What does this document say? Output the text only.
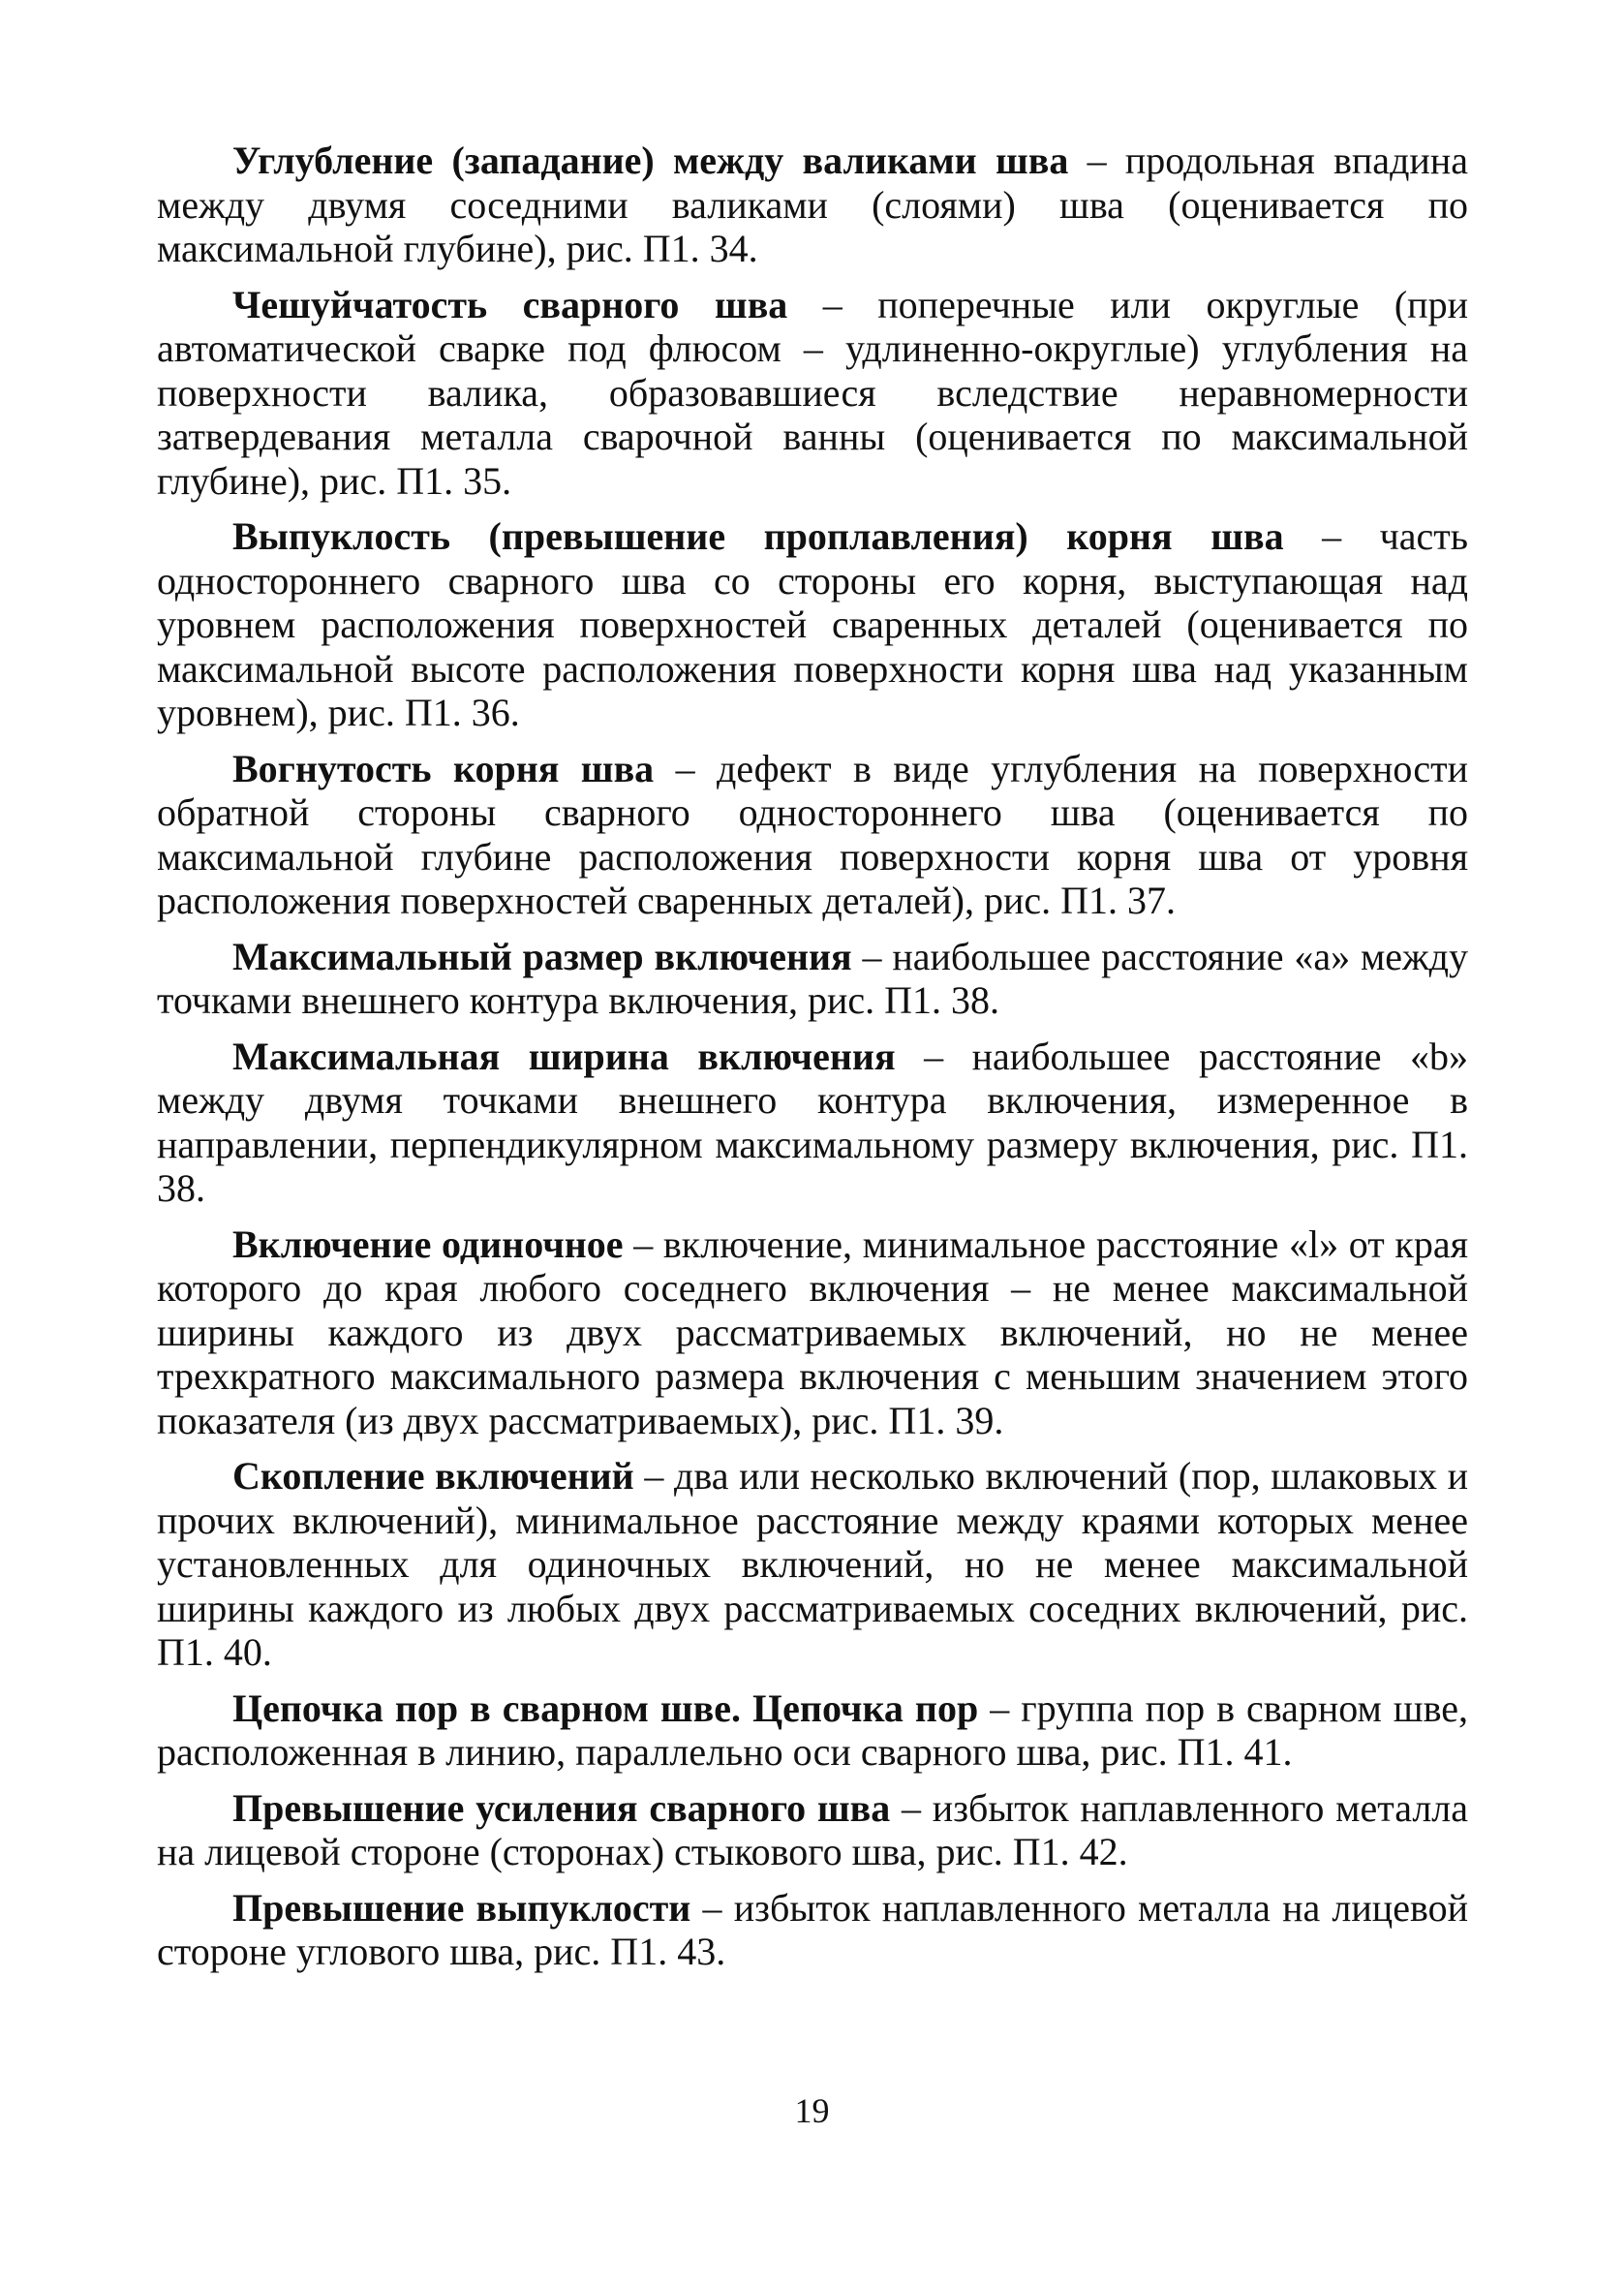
Углубление (западание) между валиками шва – продольная впадина между двумя соседними валиками (слоями) шва (оценивается по максимальной глубине), рис. П1. 34.

Чешуйчатость сварного шва – поперечные или округлые (при автоматической сварке под флюсом – удлиненно-округлые) углубления на поверхности валика, образовавшиеся вследствие неравномерности затвердевания металла сварочной ванны (оценивается по максимальной глубине), рис. П1. 35.

Выпуклость (превышение проплавления) корня шва – часть одностороннего сварного шва со стороны его корня, выступающая над уровнем расположения поверхностей сваренных деталей (оценивается по максимальной высоте расположения поверхности корня шва над указанным уровнем), рис. П1. 36.

Вогнутость корня шва – дефект в виде углубления на поверхности обратной стороны сварного одностороннего шва (оценивается по максимальной глубине расположения поверхности корня шва от уровня расположения поверхностей сваренных деталей), рис. П1. 37.

Максимальный размер включения – наибольшее расстояние «а» между точками внешнего контура включения, рис. П1. 38.

Максимальная ширина включения – наибольшее расстояние «b» между двумя точками внешнего контура включения, измеренное в направлении, перпендикулярном максимальному размеру включения, рис. П1. 38.

Включение одиночное – включение, минимальное расстояние «l» от края которого до края любого соседнего включения – не менее максимальной ширины каждого из двух рассматриваемых включений, но не менее трехкратного максимального размера включения с меньшим значением этого показателя (из двух рассматриваемых), рис. П1. 39.

Скопление включений – два или несколько включений (пор, шлаковых и прочих включений), минимальное расстояние между краями которых менее установленных для одиночных включений, но не менее максимальной ширины каждого из любых двух рассматриваемых соседних включений, рис. П1. 40.

Цепочка пор в сварном шве. Цепочка пор – группа пор в сварном шве, расположенная в линию, параллельно оси сварного шва, рис. П1. 41.

Превышение усиления сварного шва – избыток наплавленного металла на лицевой стороне (сторонах) стыкового шва, рис. П1. 42.

Превышение выпуклости – избыток наплавленного металла на лицевой стороне углового шва, рис. П1. 43.

19
